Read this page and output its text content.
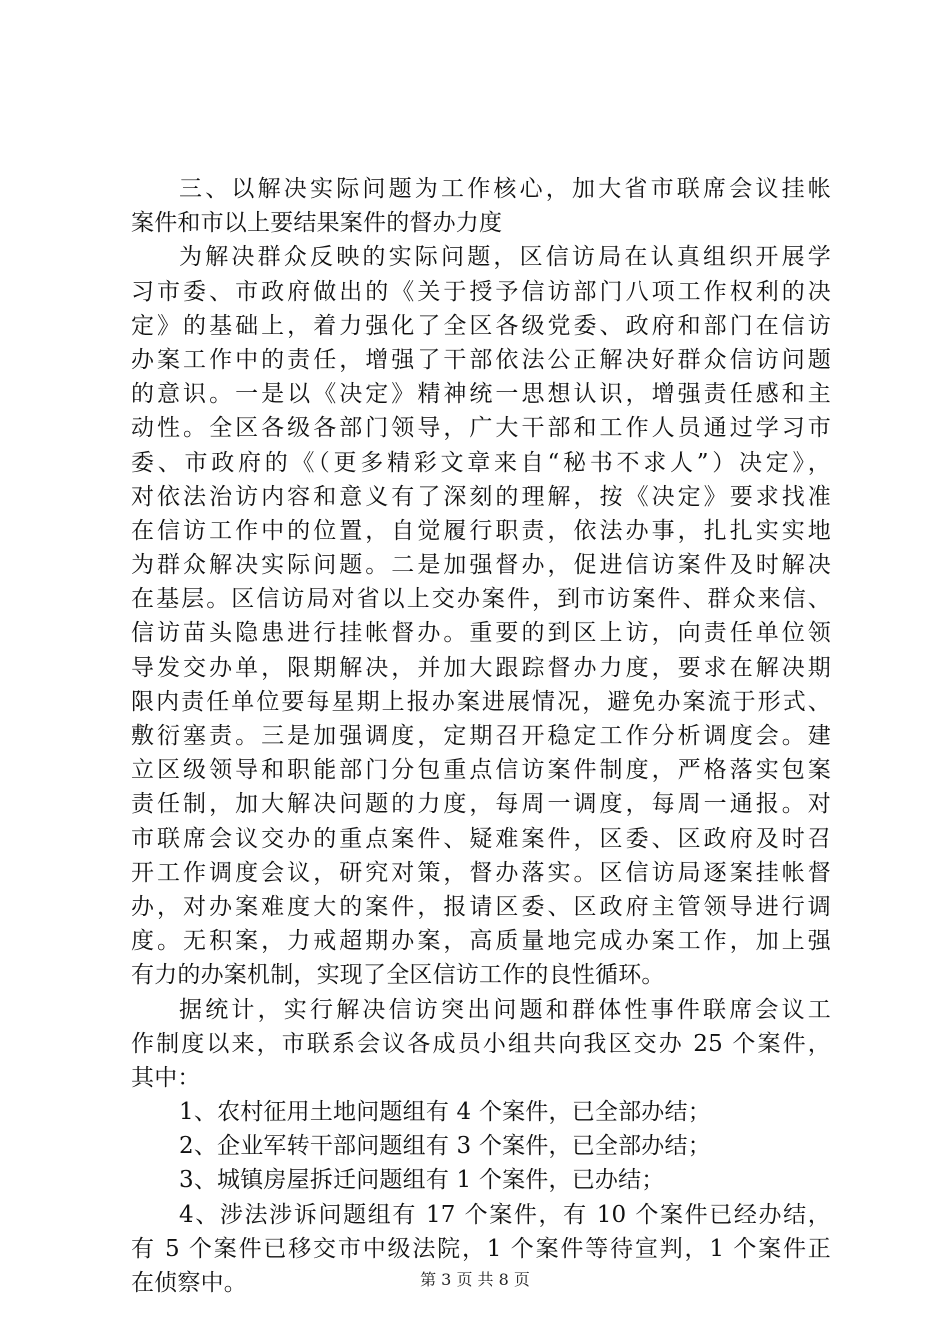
三、以解决实际问题为工作核心，加大省市联席会议挂帐
案件和市以上要结果案件的督办力度
为解决群众反映的实际问题，区信访局在认真组织开展学
习市委、市政府做出的《关于授予信访部门八项工作权利的决
定》的基础上，着力强化了全区各级党委、政府和部门在信访
办案工作中的责任，增强了干部依法公正解决好群众信访问题
的意识。一是以《决定》精神统一思想认识，增强责任感和主
动性。全区各级各部门领导，广大干部和工作人员通过学习市
委、市政府的《（更多精彩文章来自“秘书不求人”）决定》，
对依法治访内容和意义有了深刻的理解，按《决定》要求找准
在信访工作中的位置，自觉履行职责，依法办事，扎扎实实地
为群众解决实际问题。二是加强督办，促进信访案件及时解决
在基层。区信访局对省以上交办案件，到市访案件、群众来信、
信访苗头隐患进行挂帐督办。重要的到区上访，向责任单位领
导发交办单，限期解决，并加大跟踪督办力度，要求在解决期
限内责任单位要每星期上报办案进展情况，避免办案流于形式、
敷衍塞责。三是加强调度，定期召开稳定工作分析调度会。建
立区级领导和职能部门分包重点信访案件制度，严格落实包案
责任制，加大解决问题的力度，每周一调度，每周一通报。对
市联席会议交办的重点案件、疑难案件，区委、区政府及时召
开工作调度会议，研究对策，督办落实。区信访局逐案挂帐督
办，对办案难度大的案件，报请区委、区政府主管领导进行调
度。无积案，力戒超期办案，高质量地完成办案工作，加上强
有力的办案机制，实现了全区信访工作的良性循环。
据统计，实行解决信访突出问题和群体性事件联席会议工
作制度以来，市联系会议各成员小组共向我区交办 25 个案件，
其中：
1、农村征用土地问题组有 4 个案件，已全部办结；
2、企业军转干部问题组有 3 个案件，已全部办结；
3、城镇房屋拆迁问题组有 1 个案件，已办结；
4、涉法涉诉问题组有 17 个案件，有 10 个案件已经办结，
有 5 个案件已移交市中级法院，1 个案件等待宣判，1 个案件正
在侦察中。	第 3 页 共 8 页
